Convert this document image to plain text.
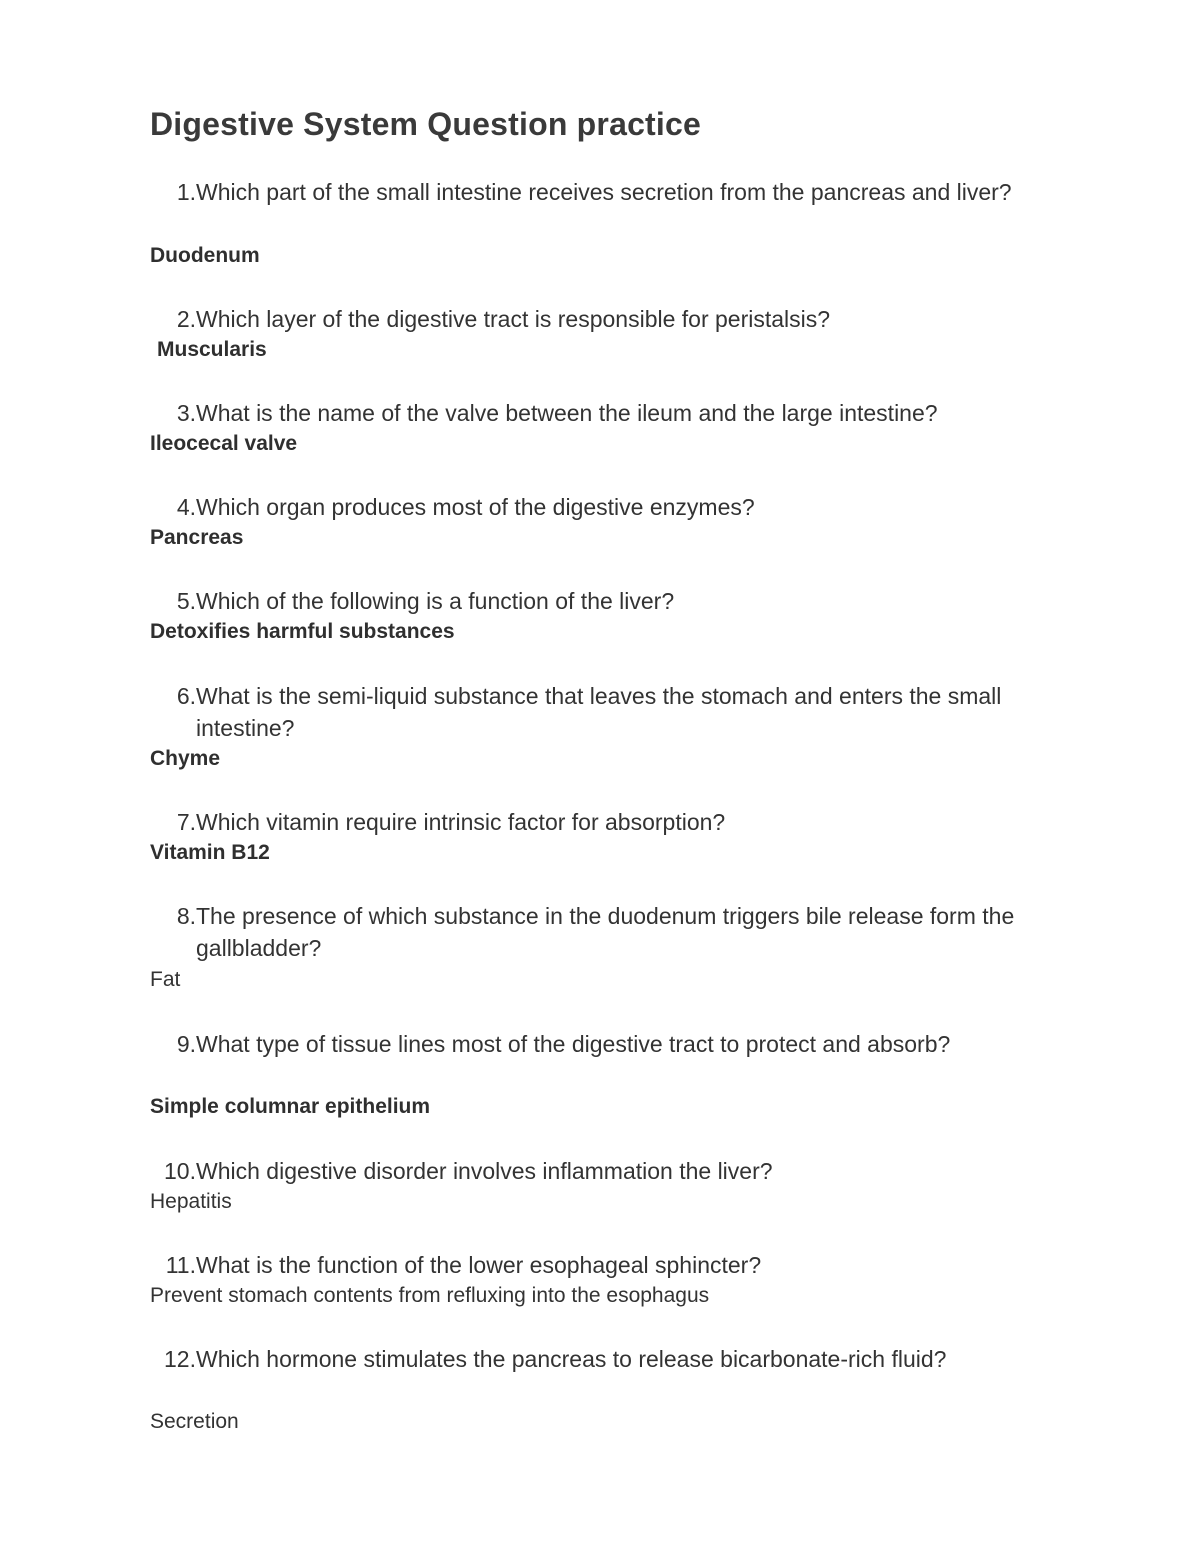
Digestive System Question practice

1. Which part of the small intestine receives secretion from the pancreas and liver?

Duodenum

2. Which layer of the digestive tract is responsible for peristalsis?

Muscularis

3. What is the name of the valve between the ileum and the large intestine?

Ileocecal valve

4. Which organ produces most of the digestive enzymes?

Pancreas

5. Which of the following is a function of the liver?

Detoxifies harmful substances

6. What is the semi-liquid substance that leaves the stomach and enters the small intestine?

Chyme

7. Which vitamin require intrinsic factor for absorption?

Vitamin B12

8. The presence of which substance in the duodenum triggers bile release form the gallbladder?

Fat

9. What type of tissue lines most of the digestive tract to protect and absorb?

Simple columnar epithelium

10. Which digestive disorder involves inflammation the liver?

Hepatitis

11. What is the function of the lower esophageal sphincter?

Prevent stomach contents from refluxing into the esophagus

12. Which hormone stimulates the pancreas to release bicarbonate-rich fluid?

Secretion
